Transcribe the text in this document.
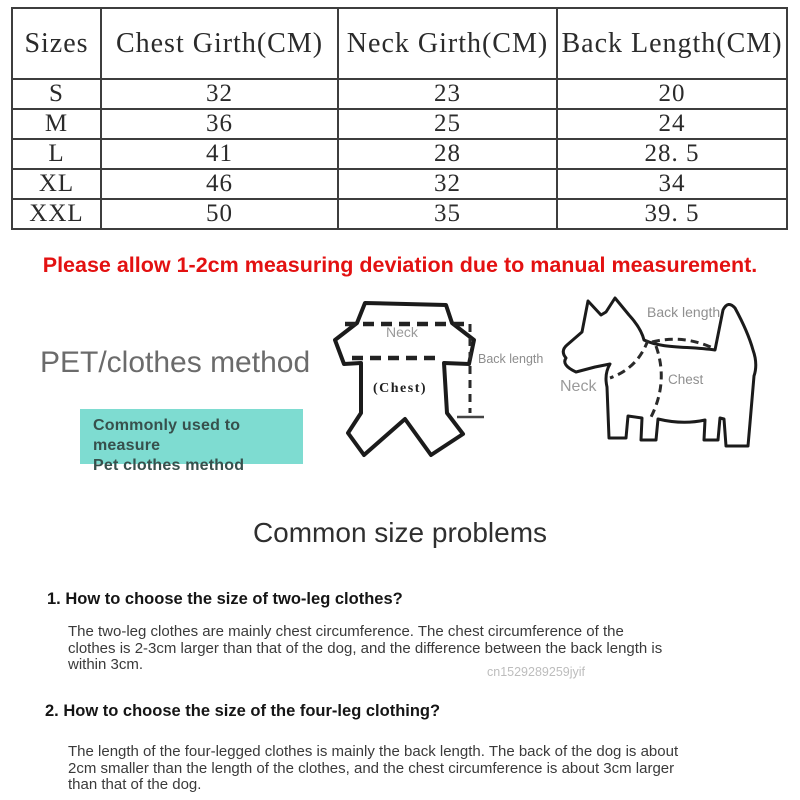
Sizes	Chest Girth(CM)	Neck Girth(CM)	Back Length(CM)
S	32	23	20
M	36	25	24
L	41	28	28. 5
XL	46	32	34
XXL	50	35	39. 5
Please allow 1-2cm measuring deviation due to manual measurement.
PET/clothes method
Commonly used to measure
Pet clothes method
Neck
(Chest)
Back length
Back length
Neck	Chest
Common size problems
1. How to choose the size of two-leg clothes?
The two-leg clothes are mainly chest circumference. The chest circumference of the
clothes is 2-3cm larger than that of the dog, and the difference between the back length is
within 3cm.	cn1529289259jyif
2. How to choose the size of the four-leg clothing?
The length of the four-legged clothes is mainly the back length. The back of the dog is about
2cm smaller than the length of the clothes, and the chest circumference is about 3cm larger
than that of the dog.
